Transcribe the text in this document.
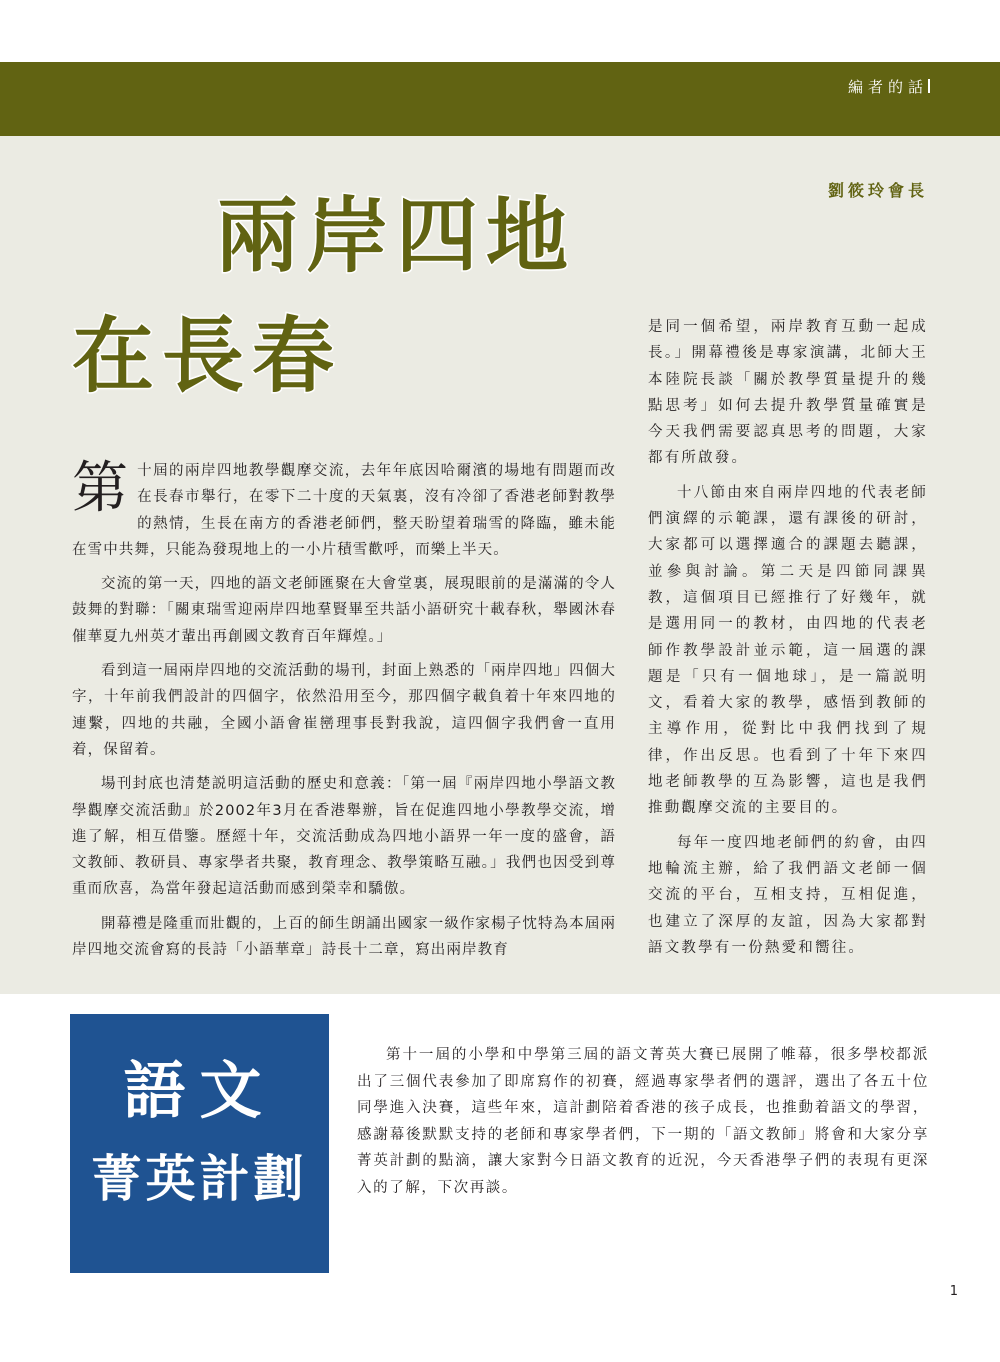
編者的話
劉筱玲會長
兩岸四地
在長春

第十屆的兩岸四地教學觀摩交流，去年年底因哈爾濱的場地有問題而改在長春市舉行，在零下二十度的天氣裏，沒有冷卻了香港老師對教學的熱情，生長在南方的香港老師們，整天盼望着瑞雪的降臨，雖未能在雪中共舞，只能為發現地上的一小片積雪歡呼，而樂上半天。

交流的第一天，四地的語文老師匯聚在大會堂裏，展現眼前的是滿滿的令人鼓舞的對聯：「關東瑞雪迎兩岸四地羣賢畢至共話小語研究十載春秋，舉國沐春催華夏九州英才輩出再創國文教育百年輝煌。」

看到這一屆兩岸四地的交流活動的場刊，封面上熟悉的「兩岸四地」四個大字，十年前我們設計的四個字，依然沿用至今，那四個字載負着十年來四地的連繫，四地的共融，全國小語會崔巒理事長對我說，這四個字我們會一直用着，保留着。

場刊封底也清楚説明這活動的歷史和意義：「第一屆『兩岸四地小學語文教學觀摩交流活動』於2002年3月在香港舉辦，旨在促進四地小學教學交流，增進了解，相互借鑒。歷經十年，交流活動成為四地小語界一年一度的盛會，語文教師、教研員、專家學者共聚，教育理念、教學策略互融。」我們也因受到尊重而欣喜，為當年發起這活動而感到榮幸和驕傲。

開幕禮是隆重而壯觀的，上百的師生朗誦出國家一級作家楊子忱特為本屆兩岸四地交流會寫的長詩「小語華章」詩長十二章，寫出兩岸教育

是同一個希望，兩岸教育互動一起成長。」開幕禮後是專家演講，北師大王本陸院長談「關於教學質量提升的幾點思考」如何去提升教學質量確實是今天我們需要認真思考的問題，大家都有所啟發。

十八節由來自兩岸四地的代表老師們演繹的示範課，還有課後的研討，大家都可以選擇適合的課題去聽課，並參與討論。第二天是四節同課異教，這個項目已經推行了好幾年，就是選用同一的教材，由四地的代表老師作教學設計並示範，這一屆選的課題是「只有一個地球」，是一篇説明文，看着大家的教學，感悟到教師的主導作用，從對比中我們找到了規律，作出反思。也看到了十年下來四地老師教學的互為影響，這也是我們推動觀摩交流的主要目的。

每年一度四地老師們的約會，由四地輪流主辦，給了我們語文老師一個交流的平台，互相支持，互相促進，也建立了深厚的友誼，因為大家都對語文教學有一份熱愛和嚮往。

語文
菁英計劃

第十一屆的小學和中學第三屆的語文菁英大賽已展開了帷幕，很多學校都派出了三個代表參加了即席寫作的初賽，經過專家學者們的選評，選出了各五十位同學進入決賽，這些年來，這計劃陪着香港的孩子成長，也推動着語文的學習，感謝幕後默默支持的老師和專家學者們，下一期的「語文教師」將會和大家分享菁英計劃的點滴，讓大家對今日語文教育的近況，今天香港學子們的表現有更深入的了解，下次再談。

1
